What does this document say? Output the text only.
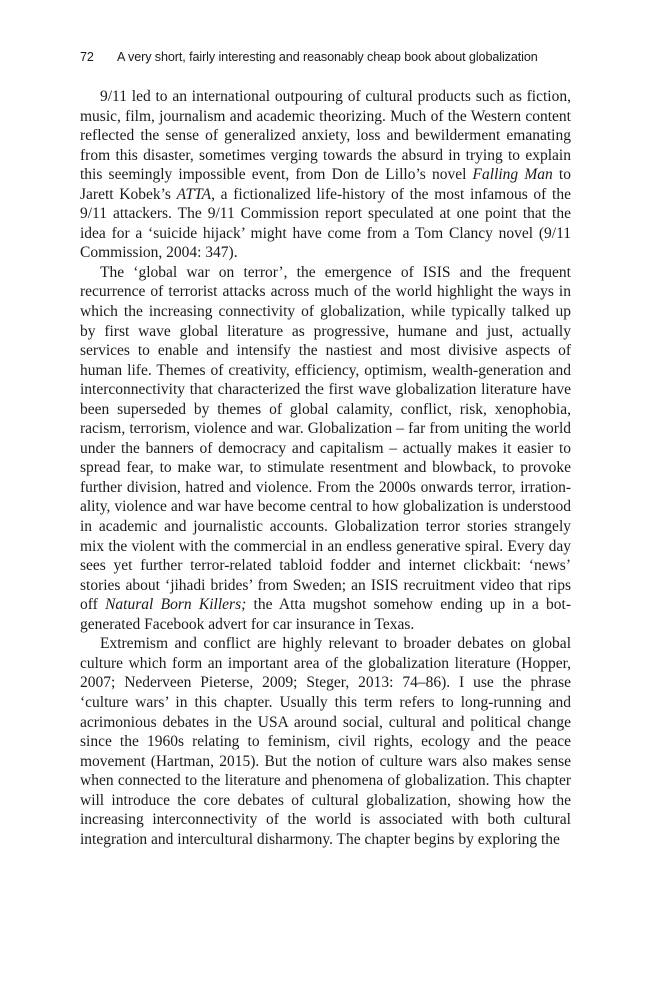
72 A very short, fairly interesting and reasonably cheap book about globalization

9/11 led to an international outpouring of cultural products such as fiction, music, film, journalism and academic theorizing. Much of the Western content reflected the sense of generalized anxiety, loss and bewilderment emanating from this disaster, sometimes verging towards the absurd in trying to explain this seemingly impossible event, from Don de Lillo’s novel Falling Man to Jarett Kobek’s ATTA, a fictionalized life-history of the most infamous of the 9/11 attackers. The 9/11 Commission report speculated at one point that the idea for a ‘suicide hijack’ might have come from a Tom Clancy novel (9/11 Commission, 2004: 347).

The ‘global war on terror’, the emergence of ISIS and the frequent recurrence of terrorist attacks across much of the world highlight the ways in which the increasing connectivity of globalization, while typically talked up by first wave global literature as progressive, humane and just, actually services to enable and intensify the nastiest and most divisive aspects of human life. Themes of creativity, efficiency, optimism, wealth-generation and interconnectivity that characterized the first wave globalization literature have been superseded by themes of global calamity, conflict, risk, xenophobia, racism, terrorism, violence and war. Globalization – far from uniting the world under the banners of democracy and capitalism – actually makes it easier to spread fear, to make war, to stimulate resentment and blowback, to provoke further division, hatred and violence. From the 2000s onwards terror, irrationality, violence and war have become central to how globalization is understood in academic and journalistic accounts. Globalization terror stories strangely mix the violent with the commercial in an endless generative spiral. Every day sees yet further terror-related tabloid fodder and internet clickbait: ‘news’ stories about ‘jihadi brides’ from Sweden; an ISIS recruitment video that rips off Natural Born Killers; the Atta mugshot somehow ending up in a bot-generated Facebook advert for car insurance in Texas.

Extremism and conflict are highly relevant to broader debates on global culture which form an important area of the globalization literature (Hopper, 2007; Nederveen Pieterse, 2009; Steger, 2013: 74–86). I use the phrase ‘culture wars’ in this chapter. Usually this term refers to long-running and acrimonious debates in the USA around social, cultural and political change since the 1960s relating to feminism, civil rights, ecology and the peace movement (Hartman, 2015). But the notion of culture wars also makes sense when connected to the literature and phenomena of globalization. This chapter will introduce the core debates of cultural globalization, showing how the increasing interconnectivity of the world is associated with both cultural integration and intercultural disharmony. The chapter begins by exploring the
